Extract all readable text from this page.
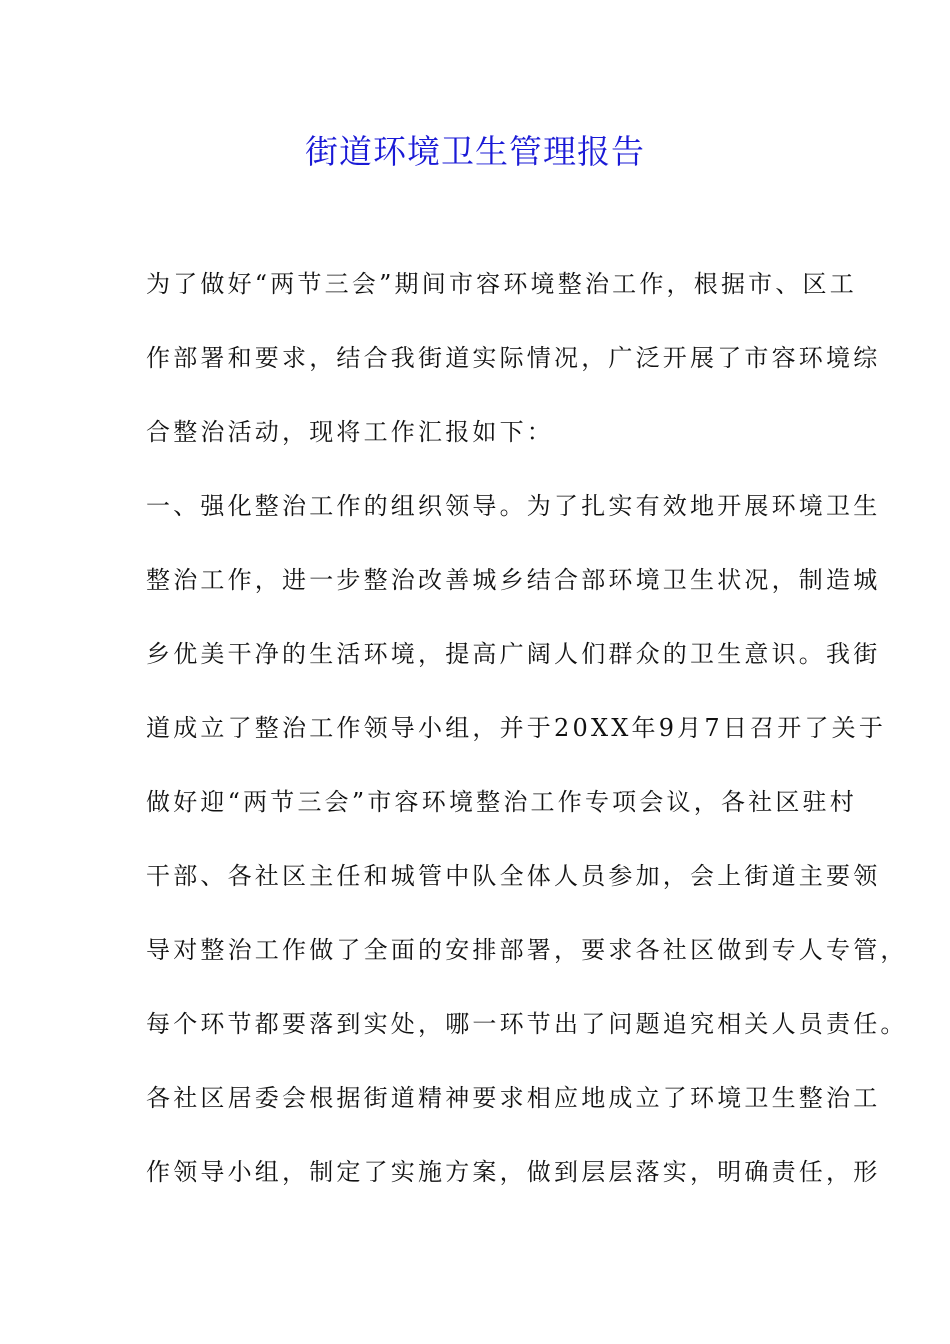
街道环境卫生管理报告
为了做好“两节三会”期间市容环境整治工作，根据市、区工
作部署和要求，结合我街道实际情况，广泛开展了市容环境综
合整治活动，现将工作汇报如下：
一、强化整治工作的组织领导。为了扎实有效地开展环境卫生
整治工作，进一步整治改善城乡结合部环境卫生状况，制造城
乡优美干净的生活环境，提高广阔人们群众的卫生意识。我街
道成立了整治工作领导小组，并于20XX年9月7日召开了关于
做好迎“两节三会”市容环境整治工作专项会议，各社区驻村
干部、各社区主任和城管中队全体人员参加，会上街道主要领
导对整治工作做了全面的安排部署，要求各社区做到专人专管，
每个环节都要落到实处，哪一环节出了问题追究相关人员责任。
各社区居委会根据街道精神要求相应地成立了环境卫生整治工
作领导小组，制定了实施方案，做到层层落实，明确责任，形
